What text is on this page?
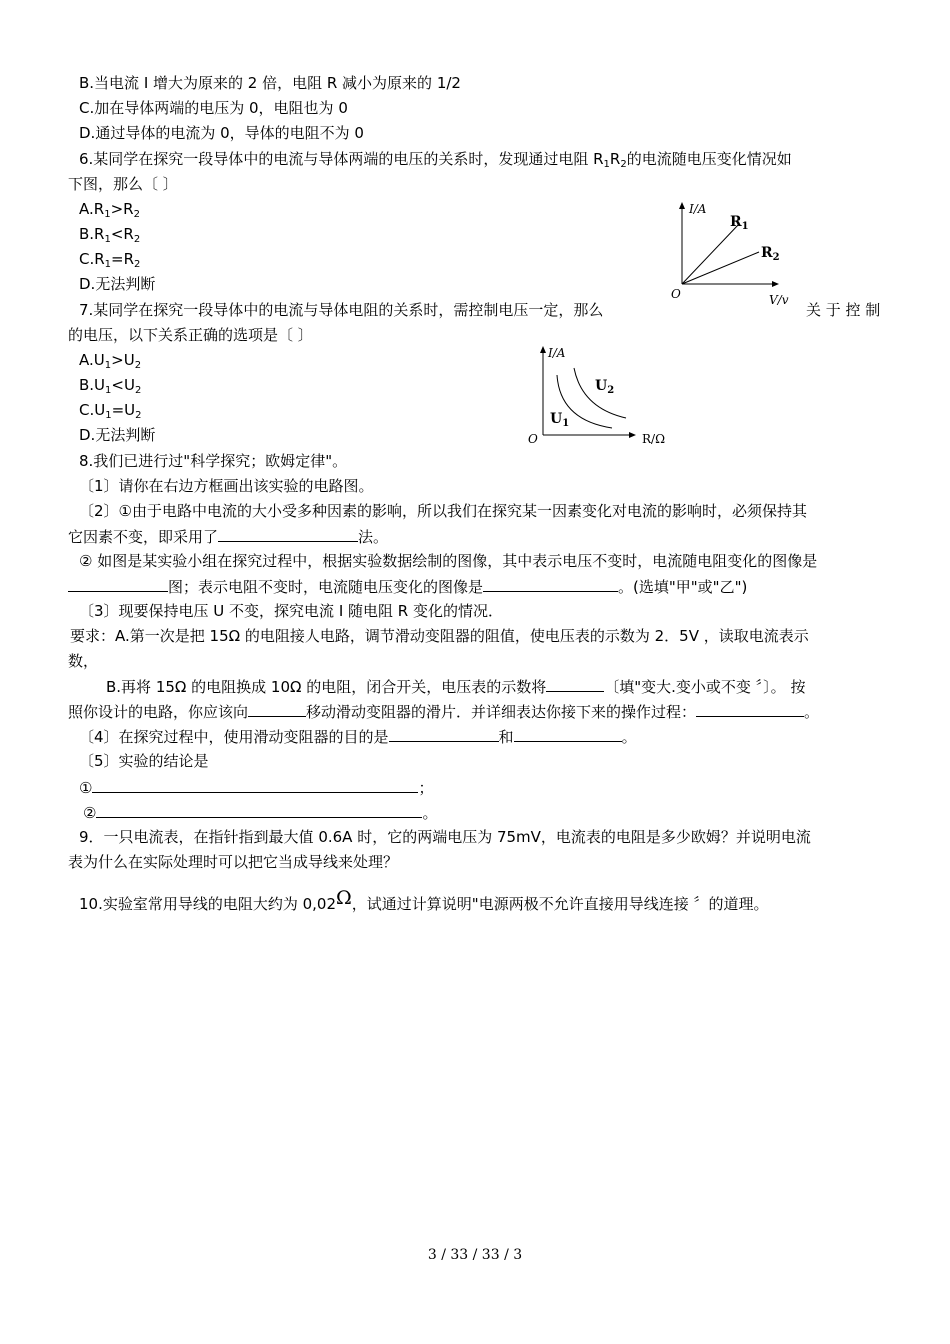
B.当电流 I 增大为原来的 2 倍，电阻 R 减小为原来的 1/2
C.加在导体两端的电压为 0，电阻也为 0
D.通过导体的电流为 0，导体的电阻不为 0
6.某同学在探究一段导体中的电流与导体两端的电压的关系时，发现通过电阻 $R_1R_2$的电流随电压变化情况如
下图，那么〔 〕
$A.R_1>R_2$
$B.R_1<R_2$
$C.R_1=R_2$
D.无法判断
I/A
V/v
O
$R_1$
$R_2$
7.某同学在探究一段导体中的电流与导体电阻的关系时，需控制电压一定，那么	关 于 控 制
的电压，以下关系正确的选项是〔 〕
$A.U_1>U_2$
$B.U_1<U_2$
$C.U_1=U_2$
D.无法判断
I/A
R/Ω
O
$U_1$
$U_2$
8.我们已进行过"科学探究；欧姆定律"。
〔1〕请你在右边方框画出该实验的电路图。
〔2〕①由于电路中电流的大小受多种因素的影响，所以我们在探究某一因素变化对电流的影响时，必须保持其
它因素不变，即采用了	法。
② 如图是某实验小组在探究过程中，根据实验数据绘制的图像，其中表示电压不变时，电流随电阻变化的图像是
图；表示电阻不变时，电流随电压变化的图像是	。(选填"甲"或"乙")
〔3〕现要保持电压 U 不变，探究电流 I 随电阻 R 变化的情况．
要求：A.第一次是把 15Ω 的电阻接人电路，调节滑动变阻器的阻值，使电压表的示数为 2．5V ，读取电流表示
数，
B.再将 15Ω 的电阻换成 10Ω 的电阻，闭合开关，电压表的示数将	〔填"变大.变小或不变 〞〕。 按
照你设计的电路，你应该向	移动滑动变阻器的滑片．并详细表达你接下来的操作过程：	。
〔4〕在探究过程中，使用滑动变阻器的目的是	和	。
〔5〕实验的结论是
①	；
②	。
9．一只电流表，在指针指到最大值 0.6A 时，它的两端电压为 75mV，电流表的电阻是多少欧姆？并说明电流
表为什么在实际处理时可以把它当成导线来处理？
10.实验室常用导线的电阻大约为 0,02Ω，试通过计算说明"电源两极不允许直接用导线连接 〞的道理。
3 / 33 / 33 / 3
